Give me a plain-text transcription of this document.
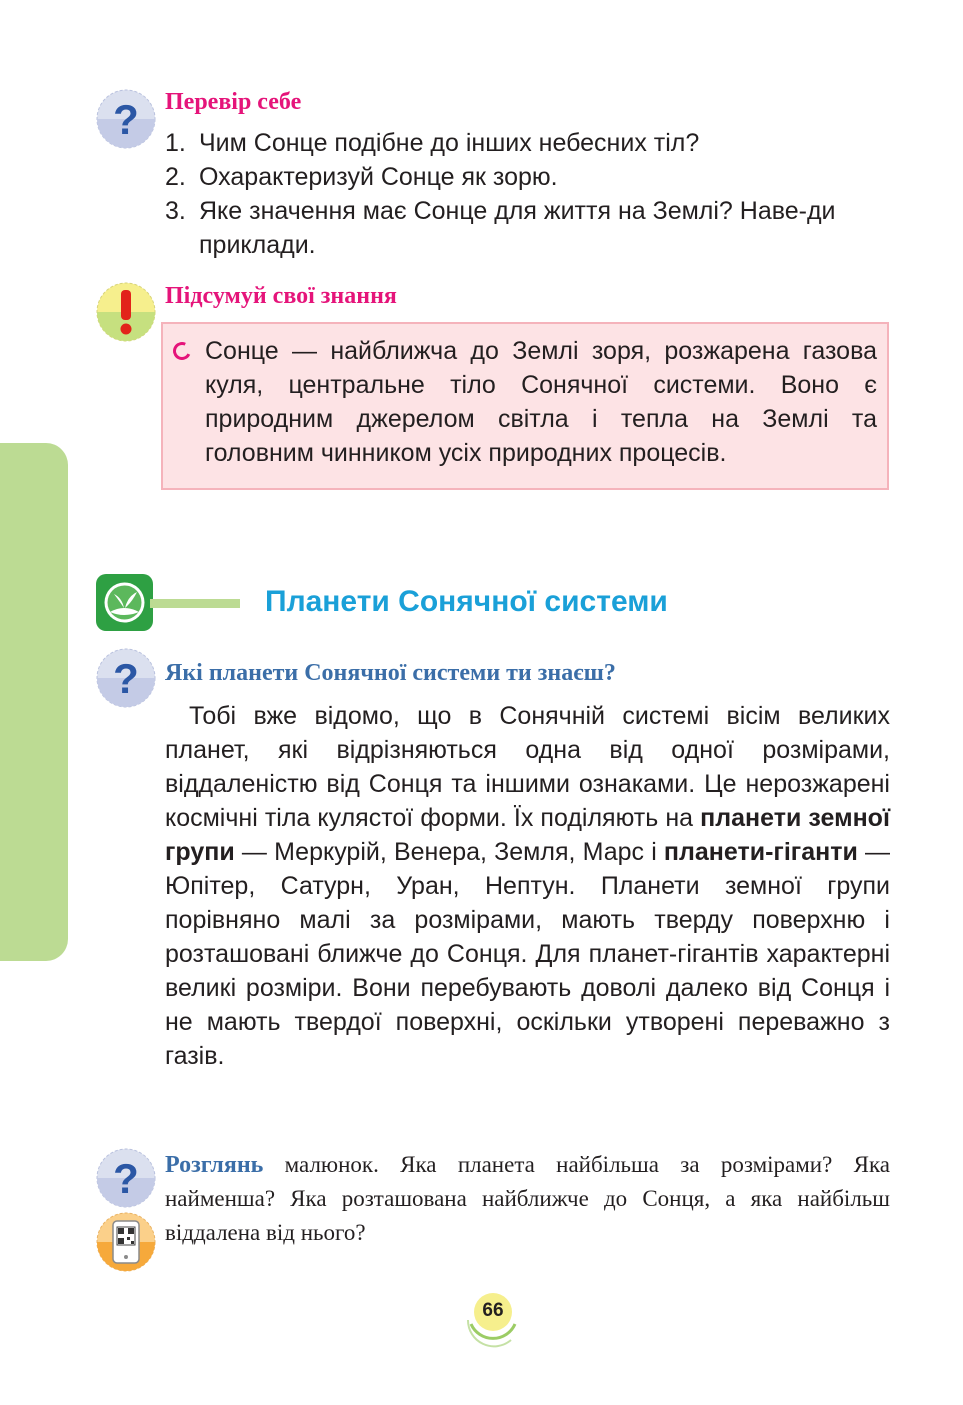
? Перевір себе
1. Чим Сонце подібне до інших небесних тіл?
2. Охарактеризуй Сонце як зорю.
3. Яке значення має Сонце для життя на Землі? Наве-ди приклади.
Підсумуй свої знання
Сонце — найближча до Землі зоря, розжарена газова куля, центральне тіло Сонячної системи. Воно є природним джерелом світла і тепла на Землі та головним чинником усіх природних процесів.
Планети Сонячної системи
? Які планети Сонячної системи ти знаєш?
Тобі вже відомо, що в Сонячній системі вісім великих планет, які відрізняються одна від одної розмірами, віддаленістю від Сонця та іншими ознаками. Це нерозжарені космічні тіла кулястої форми. Їх поділяють на планети земної групи — Меркурій, Венера, Земля, Марс і планети-гіганти — Юпітер, Сатурн, Уран, Нептун. Планети земної групи порівняно малі за розмірами, мають тверду поверхню і розташовані ближче до Сонця. Для планет-гігантів характерні великі розміри. Вони перебувають доволі далеко від Сонця і не мають твердої поверхні, оскільки утворені переважно з газів.
? Розглянь малюнок. Яка планета найбільша за розмірами? Яка найменша? Яка розташована найближче до Сонця, а яка найбільш віддалена від нього?
66
